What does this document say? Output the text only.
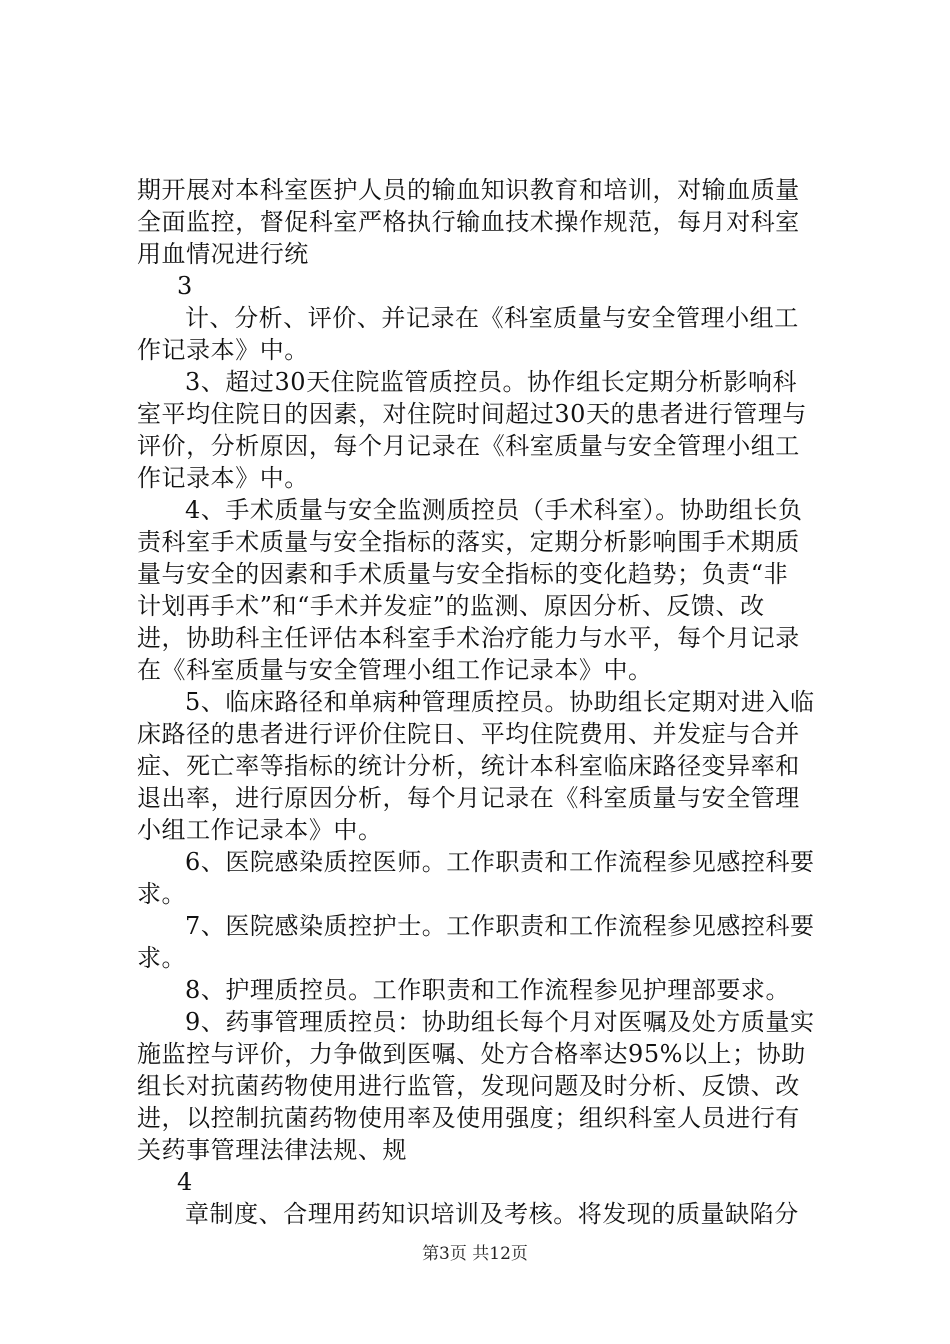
期开展对本科室医护人员的输血知识教育和培训，对输血质量
全面监控，督促科室严格执行输血技术操作规范，每月对科室
用血情况进行统
3
计、分析、评价、并记录在《科室质量与安全管理小组工
作记录本》中。
3、超过30天住院监管质控员。协作组长定期分析影响科
室平均住院日的因素，对住院时间超过30天的患者进行管理与
评价，分析原因，每个月记录在《科室质量与安全管理小组工
作记录本》中。
4、手术质量与安全监测质控员（手术科室）。协助组长负
责科室手术质量与安全指标的落实，定期分析影响围手术期质
量与安全的因素和手术质量与安全指标的变化趋势；负责“非
计划再手术”和“手术并发症”的监测、原因分析、反馈、改
进，协助科主任评估本科室手术治疗能力与水平，每个月记录
在《科室质量与安全管理小组工作记录本》中。
5、临床路径和单病种管理质控员。协助组长定期对进入临
床路径的患者进行评价住院日、平均住院费用、并发症与合并
症、死亡率等指标的统计分析，统计本科室临床路径变异率和
退出率，进行原因分析，每个月记录在《科室质量与安全管理
小组工作记录本》中。
6、医院感染质控医师。工作职责和工作流程参见感控科要
求。
7、医院感染质控护士。工作职责和工作流程参见感控科要
求。
8、护理质控员。工作职责和工作流程参见护理部要求。
9、药事管理质控员：协助组长每个月对医嘱及处方质量实
施监控与评价，力争做到医嘱、处方合格率达95%以上；协助
组长对抗菌药物使用进行监管，发现问题及时分析、反馈、改
进，以控制抗菌药物使用率及使用强度；组织科室人员进行有
关药事管理法律法规、规
4
章制度、合理用药知识培训及考核。将发现的质量缺陷分
第3页 共12页
